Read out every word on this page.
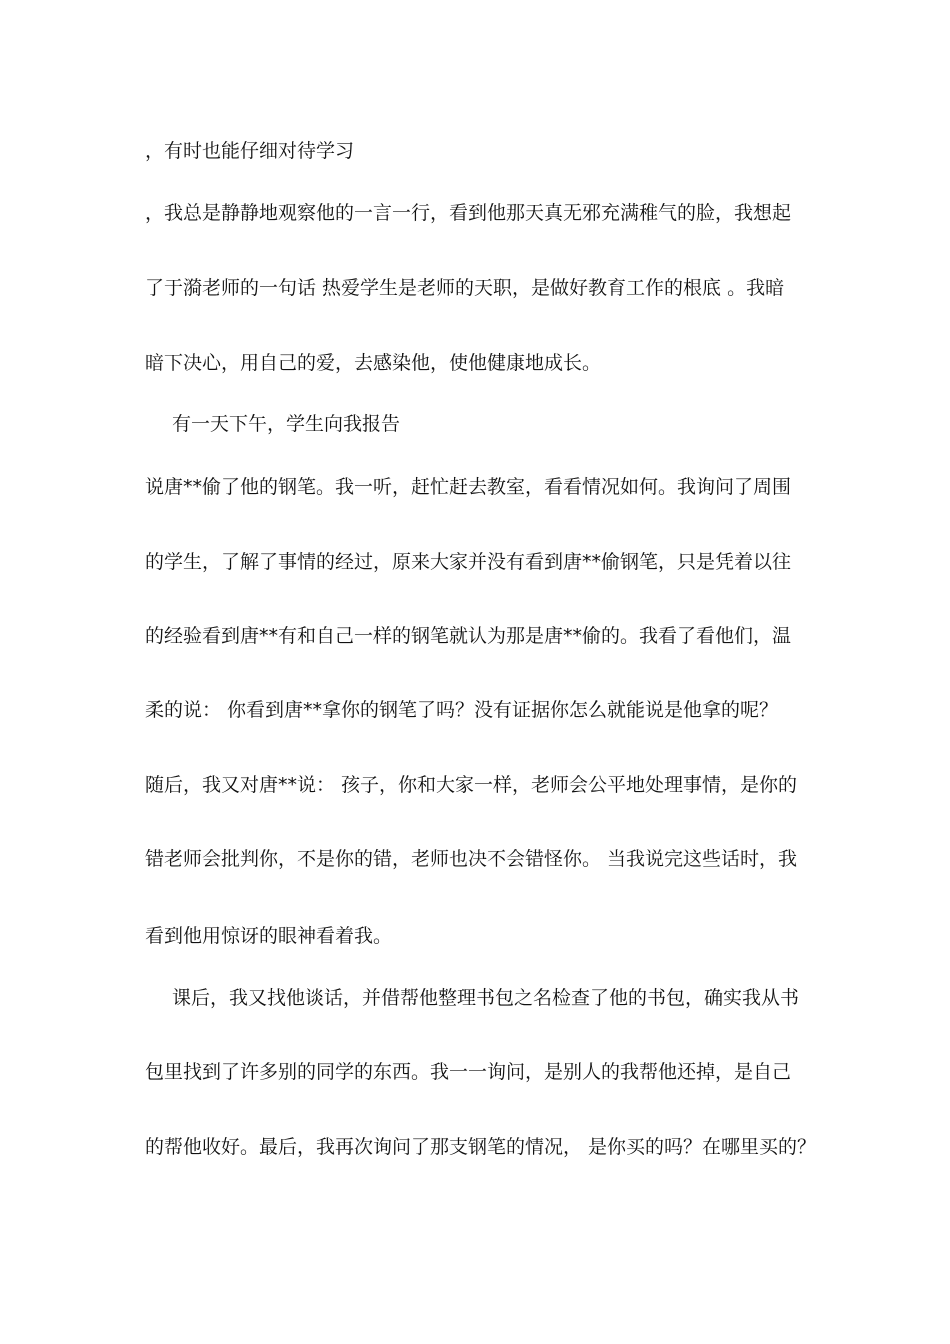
，有时也能仔细对待学习
，我总是静静地观察他的一言一行，看到他那天真无邪充满稚气的脸，我想起
了于漪老师的一句话 热爱学生是老师的天职，是做好教育工作的根底 。我暗
暗下决心，用自己的爱，去感染他，使他健康地成长。
有一天下午，学生向我报告
说唐**偷了他的钢笔。我一听，赶忙赶去教室，看看情况如何。我询问了周围
的学生，了解了事情的经过，原来大家并没有看到唐**偷钢笔，只是凭着以往
的经验看到唐**有和自己一样的钢笔就认为那是唐**偷的。我看了看他们，温
柔的说： 你看到唐**拿你的钢笔了吗？没有证据你怎么就能说是他拿的呢？
随后，我又对唐**说： 孩子，你和大家一样，老师会公平地处理事情，是你的
错老师会批判你，不是你的错，老师也决不会错怪你。 当我说完这些话时，我
看到他用惊讶的眼神看着我。
课后，我又找他谈话，并借帮他整理书包之名检查了他的书包，确实我从书
包里找到了许多别的同学的东西。我一一询问，是别人的我帮他还掉，是自己
的帮他收好。最后，我再次询问了那支钢笔的情况， 是你买的吗？在哪里买的？
